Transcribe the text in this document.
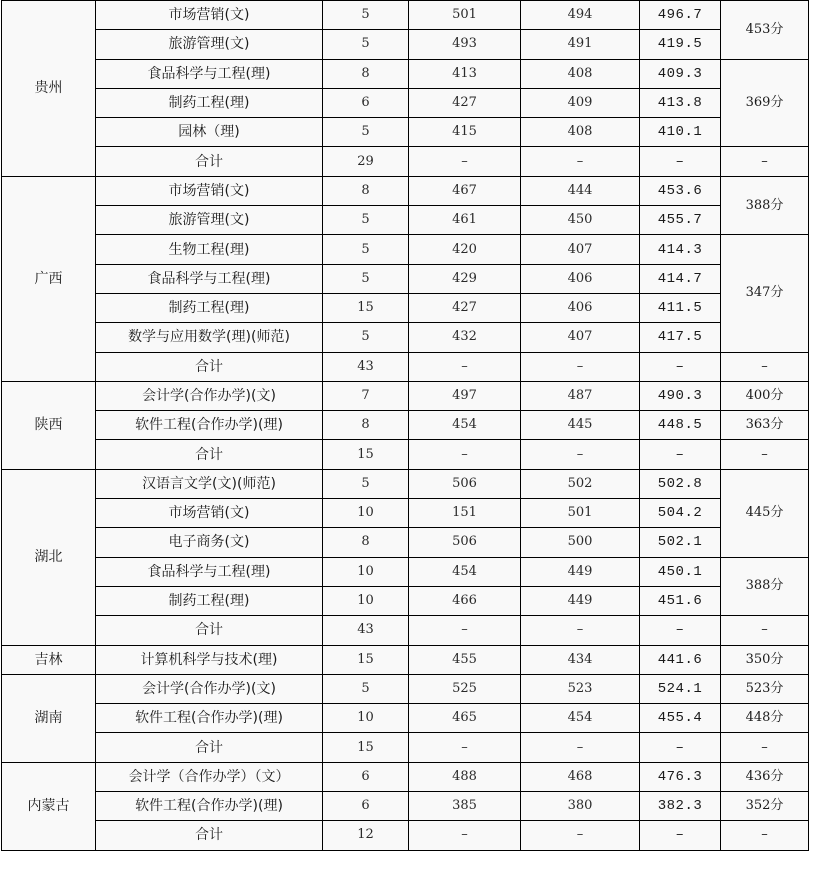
贵州	市场营销(文)	5	501	494	496.7	453分
	旅游管理(文)	5	493	491	419.5	
	食品科学与工程(理)	8	413	408	409.3	369分
	制药工程(理)	6	427	409	413.8	
	园林（理)	5	415	408	410.1	
	合计	29	–	–	–	–
广西	市场营销(文)	8	467	444	453.6	388分
	旅游管理(文)	5	461	450	455.7	
	生物工程(理)	5	420	407	414.3	347分
	食品科学与工程(理)	5	429	406	414.7	
	制药工程(理)	15	427	406	411.5	
	数学与应用数学(理)(师范)	5	432	407	417.5	
	合计	43	–	–	–	–
陕西	会计学(合作办学)(文)	7	497	487	490.3	400分
	软件工程(合作办学)(理)	8	454	445	448.5	363分
	合计	15	–	–	–	–
湖北	汉语言文学(文)(师范)	5	506	502	502.8	445分
	市场营销(文)	10	151	501	504.2	
	电子商务(文)	8	506	500	502.1	
	食品科学与工程(理)	10	454	449	450.1	388分
	制药工程(理)	10	466	449	451.6	
	合计	43	–	–	–	–
吉林	计算机科学与技术(理)	15	455	434	441.6	350分
湖南	会计学(合作办学)(文)	5	525	523	524.1	523分
	软件工程(合作办学)(理)	10	465	454	455.4	448分
	合计	15	–	–	–	–
内蒙古	会计学（合作办学）（文）	6	488	468	476.3	436分
	软件工程(合作办学)(理)	6	385	380	382.3	352分
	合计	12	–	–	–	–
